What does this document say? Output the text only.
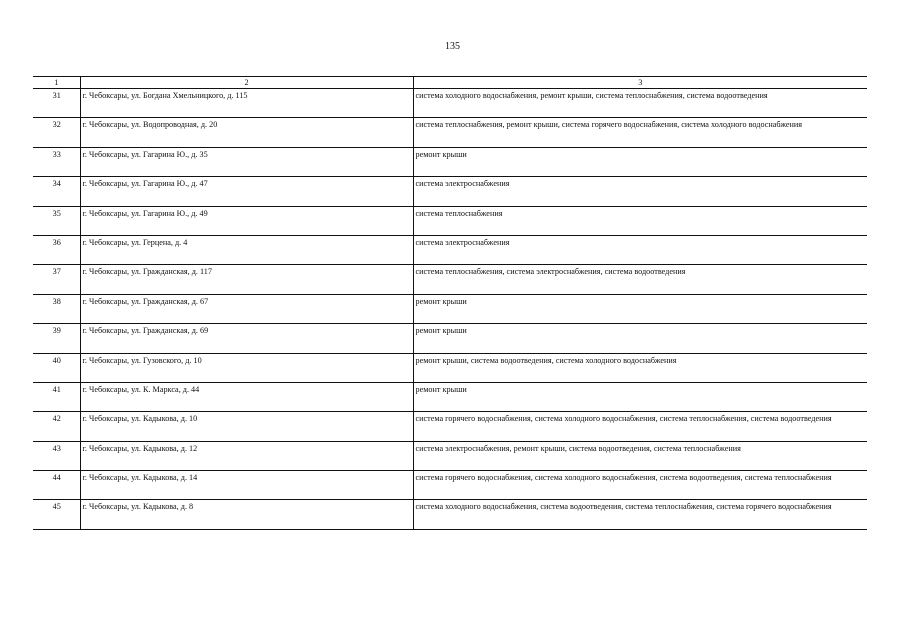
135
1	2	3
31	г. Чебоксары, ул. Богдана Хмельницкого, д. 115	система холодного водоснабжения, ремонт крыши, система теплоснабжения, система водоотведения
32	г. Чебоксары, ул. Водопроводная, д. 20	система теплоснабжения, ремонт крыши, система горячего водоснабжения, система холодного водоснабжения
33	г. Чебоксары, ул. Гагарина Ю., д. 35	ремонт крыши
34	г. Чебоксары, ул. Гагарина Ю., д. 47	система электроснабжения
35	г. Чебоксары, ул. Гагарина Ю., д. 49	система теплоснабжения
36	г. Чебоксары, ул. Герцена, д. 4	система электроснабжения
37	г. Чебоксары, ул. Гражданская, д. 117	система теплоснабжения, система электроснабжения, система водоотведения
38	г. Чебоксары, ул. Гражданская, д. 67	ремонт крыши
39	г. Чебоксары, ул. Гражданская, д. 69	ремонт крыши
40	г. Чебоксары, ул. Гузовского, д. 10	ремонт крыши, система водоотведения, система холодного водоснабжения
41	г. Чебоксары, ул. К. Маркса, д. 44	ремонт крыши
42	г. Чебоксары, ул. Кадыкова, д. 10	система горячего водоснабжения, система холодного водоснабжения, система теплоснабжения, система водоотведения
43	г. Чебоксары, ул. Кадыкова, д. 12	система электроснабжения, ремонт крыши, система водоотведения, система теплоснабжения
44	г. Чебоксары, ул. Кадыкова, д. 14	система горячего водоснабжения, система холодного водоснабжения, система водоотведения, система теплоснабжения
45	г. Чебоксары, ул. Кадыкова, д. 8	система холодного водоснабжения, система водоотведения, система теплоснабжения, система горячего водоснабжения
